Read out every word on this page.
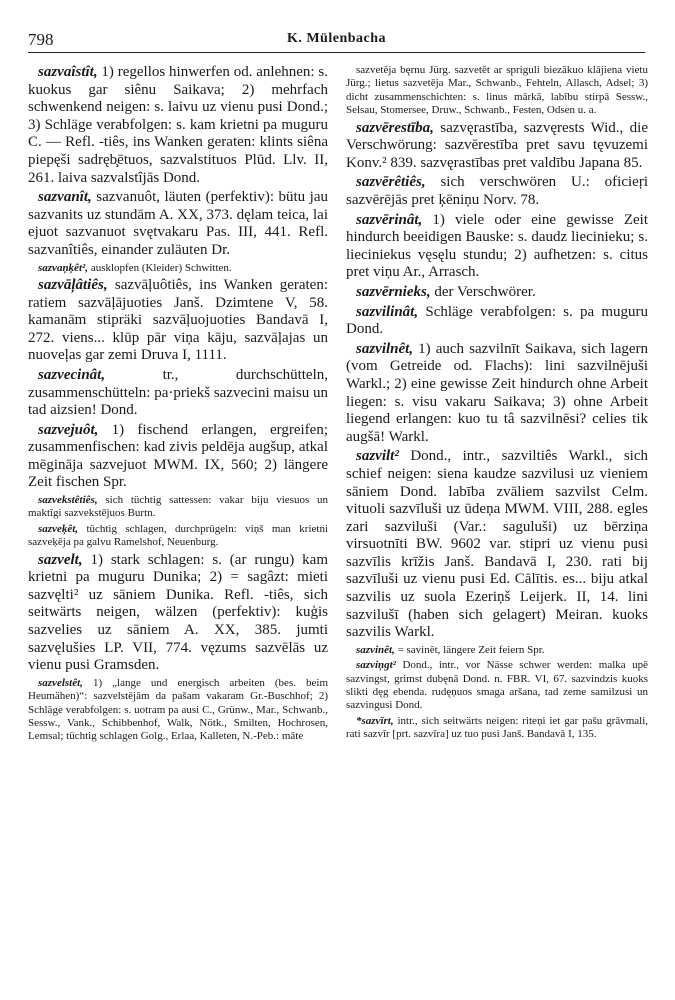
798	K. Mülenbacha

sazvaîstît, 1) regellos hinwerfen od. anlehnen: s. kuokus gar siênu Saikava; 2) mehrfach schwenkend neigen: s. laivu uz vienu pusi Dond.; 3) Schläge verabfolgen: s. kam krietni pa muguru C. — Refl. -tiês, ins Wanken geraten: klints siêna piepęši sadręb̧ētuos, sazvalstituos Plūd. Llv. II, 261. laiva sazvalstîjās Dond.

sazvanît, sazvanuôt, läuten (perfektiv): bütu jau sazvanits uz stundām A. XX, 373. dęlam teica, lai ejuot sazvanuot svętvakaru Pas. III, 441. Refl. sazvanîtiês, einander zuläuten Dr.

sazvaņķêt², ausklopfen (Kleider) Schwitten.

sazvāļâtiês, sazvāļuôtiês, ins Wanken geraten: ratiem sazvāļājuoties Janš. Dzimtene V, 58. kamanām stipräki sazvāļuojuoties Bandavā I, 272. viens... klūp pār viņa kāju, sazvāļajas un nuoveļas gar zemi Druva I, 1111.

sazvecinât,	tr., durchschütteln, zusammenschütteln: pa·priekš sazvecini maisu un tad aizsien! Dond.

sazvejuôt, 1) fischend erlangen, ergreifen; zusammenfischen: kad zivis peldēja augšup, atkal mēgināja sazvejuot MWM. IX, 560; 2) längere Zeit fischen Spr.

sazvekstêtiês, sich tüchtig sattessen: vakar biju viesuos un maktīgi sazvekstējuos Burtn.

sazveķêt, tüchtig schlagen, durchprügeln: viņš man krietni sazveķēja pa galvu Ramelshof, Neuenburg.

sazvelt, 1) stark schlagen: s. (ar rungu) kam krietni pa muguru Dunika; 2) = sagâzt: mieti sazvęlti² uz sāniem Dunika. Refl. -tiês, sich seitwärts neigen, wälzen (perfektiv): kuģis sazvelies uz sāniem A. XX, 385. jumti sazvęlušies LP. VII, 774. vęzums sazvēlās uz vienu pusi Gramsden.

sazvelstêt, 1) „lange und energisch arbeiten (bes. beim Heumähen)“: sazvelstējām da pašam vakaram Gr.-Buschhof; 2) Schläge verabfolgen: s. uotram pa ausi C., Grünw., Mar., Schwanb., Sessw., Vank., Schibbenhof, Walk, Nötk., Smilten, Hochrosen, Lemsal; tüchtig schlagen Golg., Erlaa, Kalleten, N.-Peb.: māte

sazvetēja bęrnu Jürg. sazvetēt ar spriguli biezākuo klājiena vietu Jürg.; lietus sazvetēja Mar., Schwanb., Fehteln, Allasch, Adsel; 3) dicht zusammenschichten: s. linus mārkā, labību stirpā Sessw., Selsau, Stomersee, Druw., Schwanb., Festen, Odsen u. a.

sazvērestība, sazvęrastība, sazvęrests Wid., die Verschwörung: sazvērestība pret savu tęvuzemi Konv.² 839. sazvęrastības pret valdību Japana 85.

sazvērêtiês, sich verschwören U.: oficieŗi sazvērējās pret ķēniņu Norv. 78.

sazvērinât, 1) viele oder eine gewisse Zeit hindurch beeidigen Bauske: s. daudz liecinieku; s. lieciniekus vęsęlu stundu; 2) aufhetzen: s. citus pret viņu Ar., Arrasch.

sazvērnieks, der Verschwörer.

sazvilinât, Schläge verabfolgen: s. pa muguru Dond.

sazvilnêt, 1) auch sazvilnīt Saikava, sich lagern (vom Getreide od. Flachs): lini sazvilnējuši Warkl.; 2) eine gewisse Zeit hindurch ohne Arbeit liegen: s. visu vakaru Saikava; 3) ohne Arbeit liegend erlangen: kuo tu tâ sazvilnēsi? celies tik augšā! Warkl.

sazvilt² Dond., intr., sazviltiês Warkl., sich schief neigen: siena kaudze sazvilusi uz vieniem sāniem Dond. labība zvāliem sazvilst Celm. vituoli sazvīluši uz ūdeņa MWM. VIII, 288. egles zari sazviluši (Var.: saguluši) uz bērziņa virsuotnīti BW. 9602 var. stipri uz vienu pusi sazvīlis krīžis Janš. Bandavā I, 230. rati bij sazvīluši uz vienu pusi Ed. Cālītis. es... biju atkal sazvilis uz suola Ezeriņš Leijerk. II, 14. lini sazvilušī (haben sich gelagert) Meiran. kuoks sazvilis Warkl.

sazvinêt, = savinêt, längere Zeit feiern Spr.

sazviņgt² Dond., intr., vor Nässe schwer werden: malka upē sazvingst, grimst dubęnā Dond. n. FBR. VI, 67. sazvindzis kuoks slikti dęg ebenda. rudęņuos smaga aršana, tad zeme samilzusi un sazvingusi Dond.

*sazvīrt, intr., sich seitwärts neigen: riteņi iet gar pašu grāvmali, rati sazvīr [prt. sazvīra] uz tuo pusi Janš. Bandavā I, 135.
